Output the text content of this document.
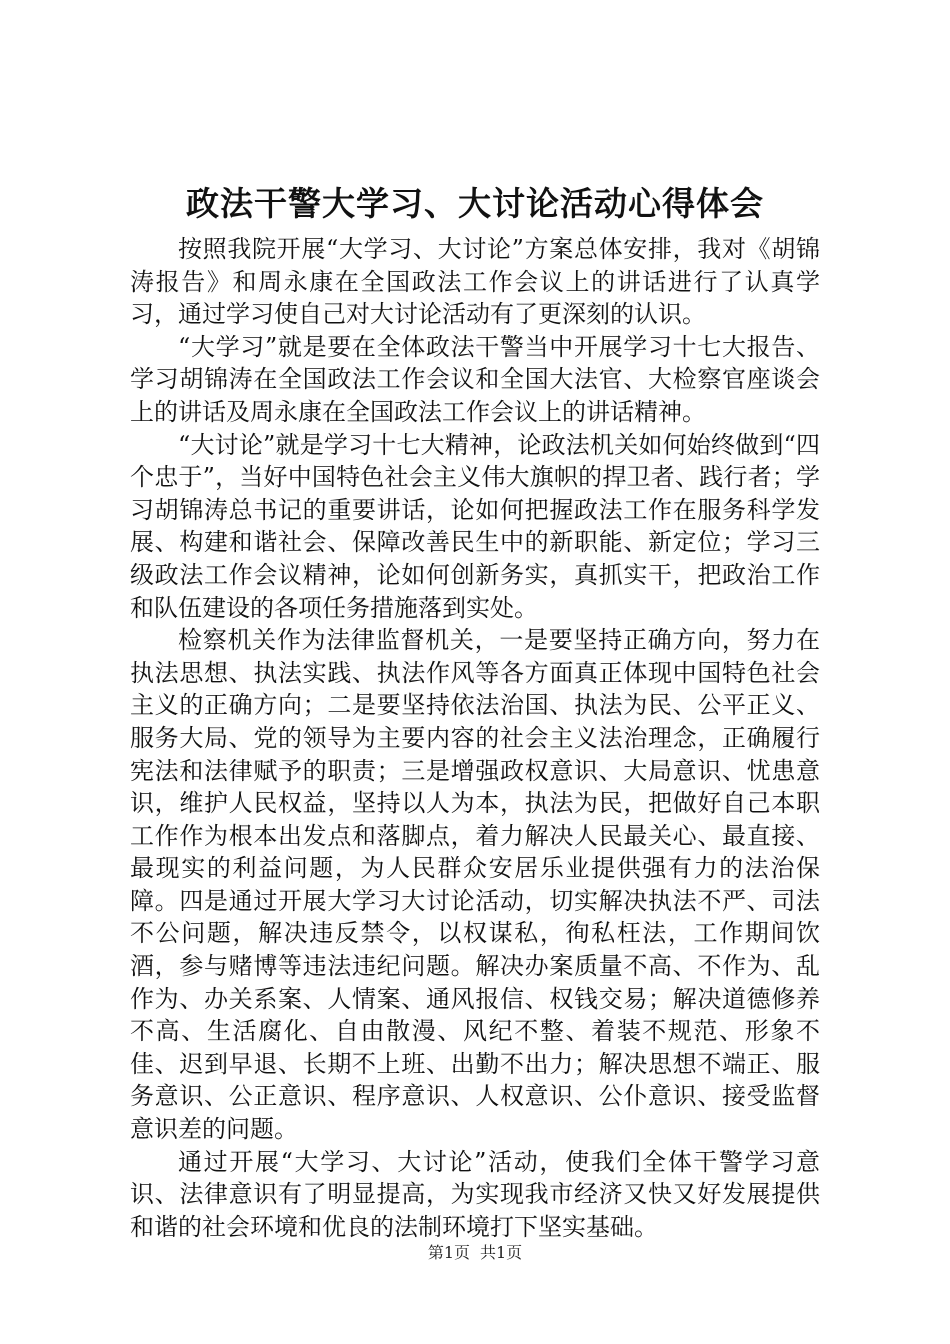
政法干警大学习、大讨论活动心得体会

按照我院开展“大学习、大讨论”方案总体安排，我对《胡锦涛报告》和周永康在全国政法工作会议上的讲话进行了认真学习，通过学习使自己对大讨论活动有了更深刻的认识。

“大学习”就是要在全体政法干警当中开展学习十七大报告、学习胡锦涛在全国政法工作会议和全国大法官、大检察官座谈会上的讲话及周永康在全国政法工作会议上的讲话精神。

“大讨论”就是学习十七大精神，论政法机关如何始终做到“四个忠于”，当好中国特色社会主义伟大旗帜的捍卫者、践行者；学习胡锦涛总书记的重要讲话，论如何把握政法工作在服务科学发展、构建和谐社会、保障改善民生中的新职能、新定位；学习三级政法工作会议精神，论如何创新务实，真抓实干，把政治工作和队伍建设的各项任务措施落到实处。

检察机关作为法律监督机关，一是要坚持正确方向，努力在执法思想、执法实践、执法作风等各方面真正体现中国特色社会主义的正确方向；二是要坚持依法治国、执法为民、公平正义、服务大局、党的领导为主要内容的社会主义法治理念，正确履行宪法和法律赋予的职责；三是增强政权意识、大局意识、忧患意识，维护人民权益，坚持以人为本，执法为民，把做好自己本职工作作为根本出发点和落脚点，着力解决人民最关心、最直接、最现实的利益问题，为人民群众安居乐业提供强有力的法治保障。四是通过开展大学习大讨论活动，切实解决执法不严、司法不公问题，解决违反禁令，以权谋私，徇私枉法，工作期间饮酒，参与赌博等违法违纪问题。解决办案质量不高、不作为、乱作为、办关系案、人情案、通风报信、权钱交易；解决道德修养不高、生活腐化、自由散漫、风纪不整、着装不规范、形象不佳、迟到早退、长期不上班、出勤不出力；解决思想不端正、服务意识、公正意识、程序意识、人权意识、公仆意识、接受监督意识差的问题。

通过开展“大学习、大讨论”活动，使我们全体干警学习意识、法律意识有了明显提高，为实现我市经济又快又好发展提供和谐的社会环境和优良的法制环境打下坚实基础。

第1页 共1页
